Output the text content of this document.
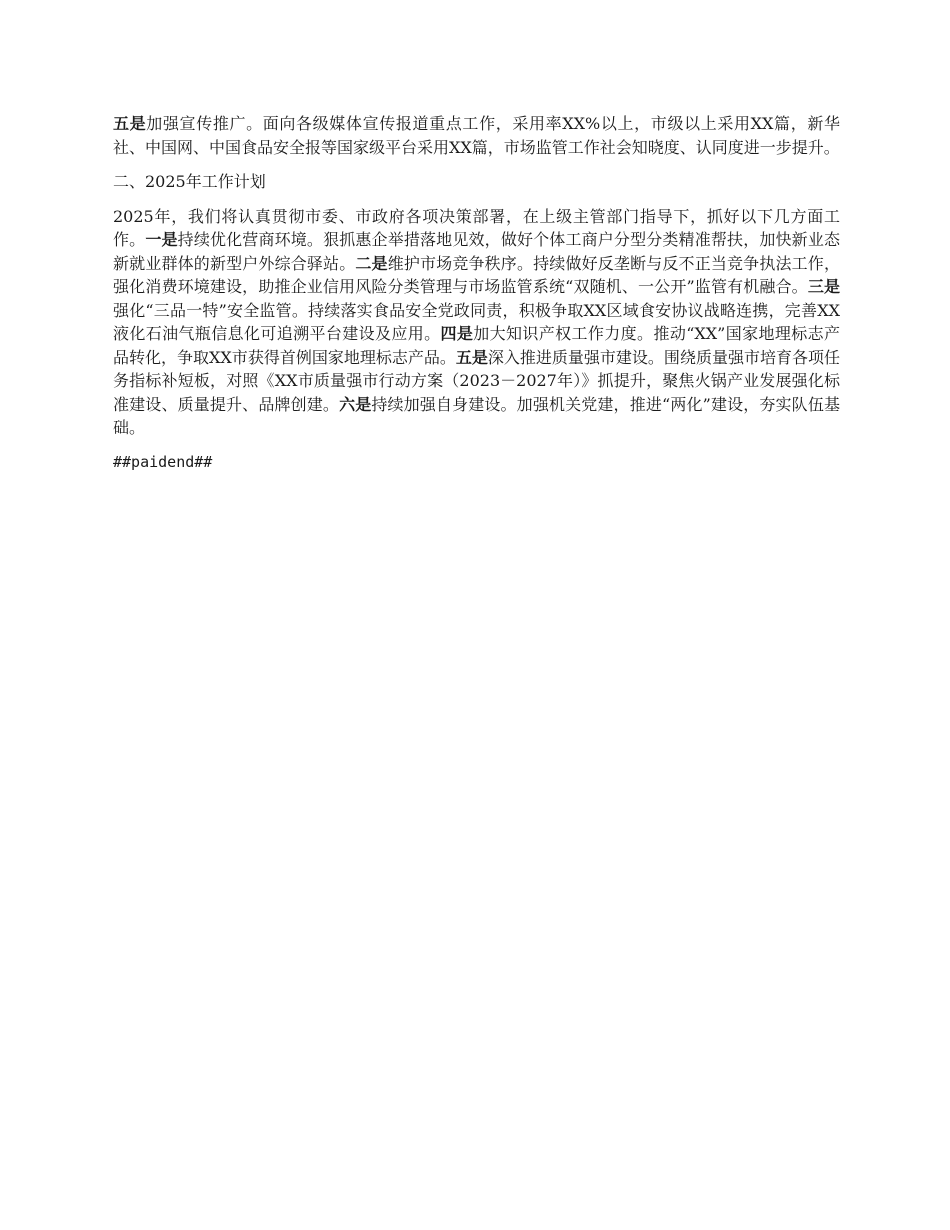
五是加强宣传推广。面向各级媒体宣传报道重点工作，采用率XX%以上，市级以上采用XX篇，新华社、中国网、中国食品安全报等国家级平台采用XX篇，市场监管工作社会知晓度、认同度进一步提升。

二、2025年工作计划

2025年，我们将认真贯彻市委、市政府各项决策部署，在上级主管部门指导下，抓好以下几方面工作。一是持续优化营商环境。狠抓惠企举措落地见效，做好个体工商户分型分类精准帮扶，加快新业态新就业群体的新型户外综合驿站。二是维护市场竞争秩序。持续做好反垄断与反不正当竞争执法工作，强化消费环境建设，助推企业信用风险分类管理与市场监管系统“双随机、一公开”监管有机融合。三是强化“三品一特”安全监管。持续落实食品安全党政同责，积极争取XX区域食安协议战略连携，完善XX液化石油气瓶信息化可追溯平台建设及应用。四是加大知识产权工作力度。推动“XX”国家地理标志产品转化，争取XX市获得首例国家地理标志产品。五是深入推进质量强市建设。围绕质量强市培育各项任务指标补短板，对照《XX市质量强市行动方案（2023－2027年）》抓提升，聚焦火锅产业发展强化标准建设、质量提升、品牌创建。六是持续加强自身建设。加强机关党建，推进“两化”建设，夯实队伍基础。

##paidend##
